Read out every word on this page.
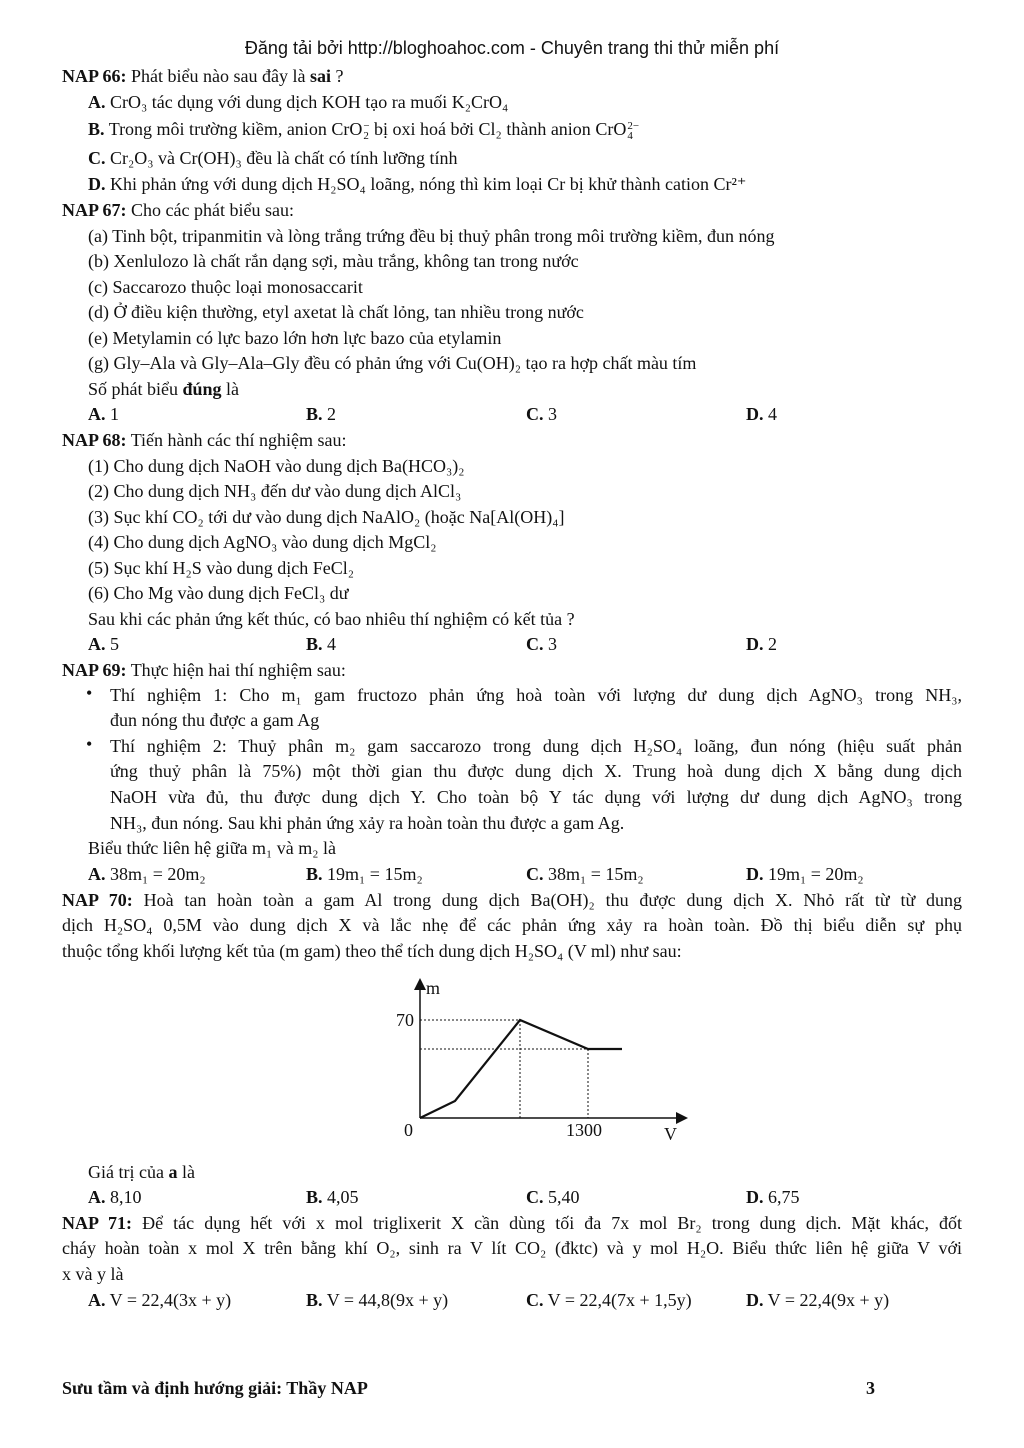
Đăng tải bởi http://bloghoahoc.com - Chuyên trang thi thử miễn phí
NAP 66: Phát biểu nào sau đây là sai ?
A. CrO₃ tác dụng với dung dịch KOH tạo ra muối K₂CrO₄
B. Trong môi trường kiềm, anion CrO −
2 bị oxi hoá bởi Cl₂ thành anion CrO 2−
4
C. Cr₂O₃ và Cr(OH)₃ đều là chất có tính lưỡng tính
D. Khi phản ứng với dung dịch H₂SO₄ loãng, nóng thì kim loại Cr bị khử thành cation Cr²⁺
NAP 67: Cho các phát biểu sau:
(a) Tinh bột, tripanmitin và lòng trắng trứng đều bị thuỷ phân trong môi trường kiềm, đun nóng
(b) Xenlulozo là chất rắn dạng sợi, màu trắng, không tan trong nước
(c) Saccarozo thuộc loại monosaccarit
(d) Ở điều kiện thường, etyl axetat là chất lỏng, tan nhiều trong nước
(e) Metylamin có lực bazo lớn hơn lực bazo của etylamin
(g) Gly–Ala và Gly–Ala–Gly đều có phản ứng với Cu(OH)₂ tạo ra hợp chất màu tím
Số phát biểu đúng là
A. 1	B. 2	C. 3	D. 4
NAP 68: Tiến hành các thí nghiệm sau:
(1) Cho dung dịch NaOH vào dung dịch Ba(HCO₃)₂
(2) Cho dung dịch NH₃ đến dư vào dung dịch AlCl₃
(3) Sục khí CO₂ tới dư vào dung dịch NaAlO₂ (hoặc Na[Al(OH)₄]
(4) Cho dung dịch AgNO₃ vào dung dịch MgCl₂
(5) Sục khí H₂S vào dung dịch FeCl₂
(6) Cho Mg vào dung dịch FeCl₃ dư
Sau khi các phản ứng kết thúc, có bao nhiêu thí nghiệm có kết tủa ?
A. 5	B. 4	C. 3	D. 2
NAP 69: Thực hiện hai thí nghiệm sau:
• Thí nghiệm 1: Cho m₁ gam fructozo phản ứng hoà toàn với lượng dư dung dịch AgNO₃ trong NH₃,
đun nóng thu được a gam Ag
• Thí nghiệm 2: Thuỷ phân m₂ gam saccarozo trong dung dịch H₂SO₄ loãng, đun nóng (hiệu suất phản
ứng thuỷ phân là 75%) một thời gian thu được dung dịch X. Trung hoà dung dịch X bằng dung dịch
NaOH vừa đủ, thu được dung dịch Y. Cho toàn bộ Y tác dụng với lượng dư dung dịch AgNO₃ trong
NH₃, đun nóng. Sau khi phản ứng xảy ra hoàn toàn thu được a gam Ag.
Biểu thức liên hệ giữa m₁ và m₂ là
A. 38m₁ = 20m₂	B. 19m₁ = 15m₂	C. 38m₁ = 15m₂	D. 19m₁ = 20m₂
NAP 70: Hoà tan hoàn toàn a gam Al trong dung dịch Ba(OH)₂ thu được dung dịch X. Nhỏ rất từ từ dung
dịch H₂SO₄ 0,5M vào dung dịch X và lắc nhẹ để các phản ứng xảy ra hoàn toàn. Đồ thị biểu diễn sự phụ
thuộc tổng khối lượng kết tủa (m gam) theo thể tích dung dịch H₂SO₄ (V ml) như sau:
m
V
70
0	1300
Giá trị của a là
A. 8,10	B. 4,05	C. 5,40	D. 6,75
NAP 71: Để tác dụng hết với x mol triglixerit X cần dùng tối đa 7x mol Br₂ trong dung dịch. Mặt khác, đốt
cháy hoàn toàn x mol X trên bằng khí O₂, sinh ra V lít CO₂ (đktc) và y mol H₂O. Biểu thức liên hệ giữa V với
x và y là
A. V = 22,4(3x + y)	B. V = 44,8(9x + y)	C. V = 22,4(7x + 1,5y)	D. V = 22,4(9x + y)
Sưu tầm và định hướng giải: Thầy NAP	3
